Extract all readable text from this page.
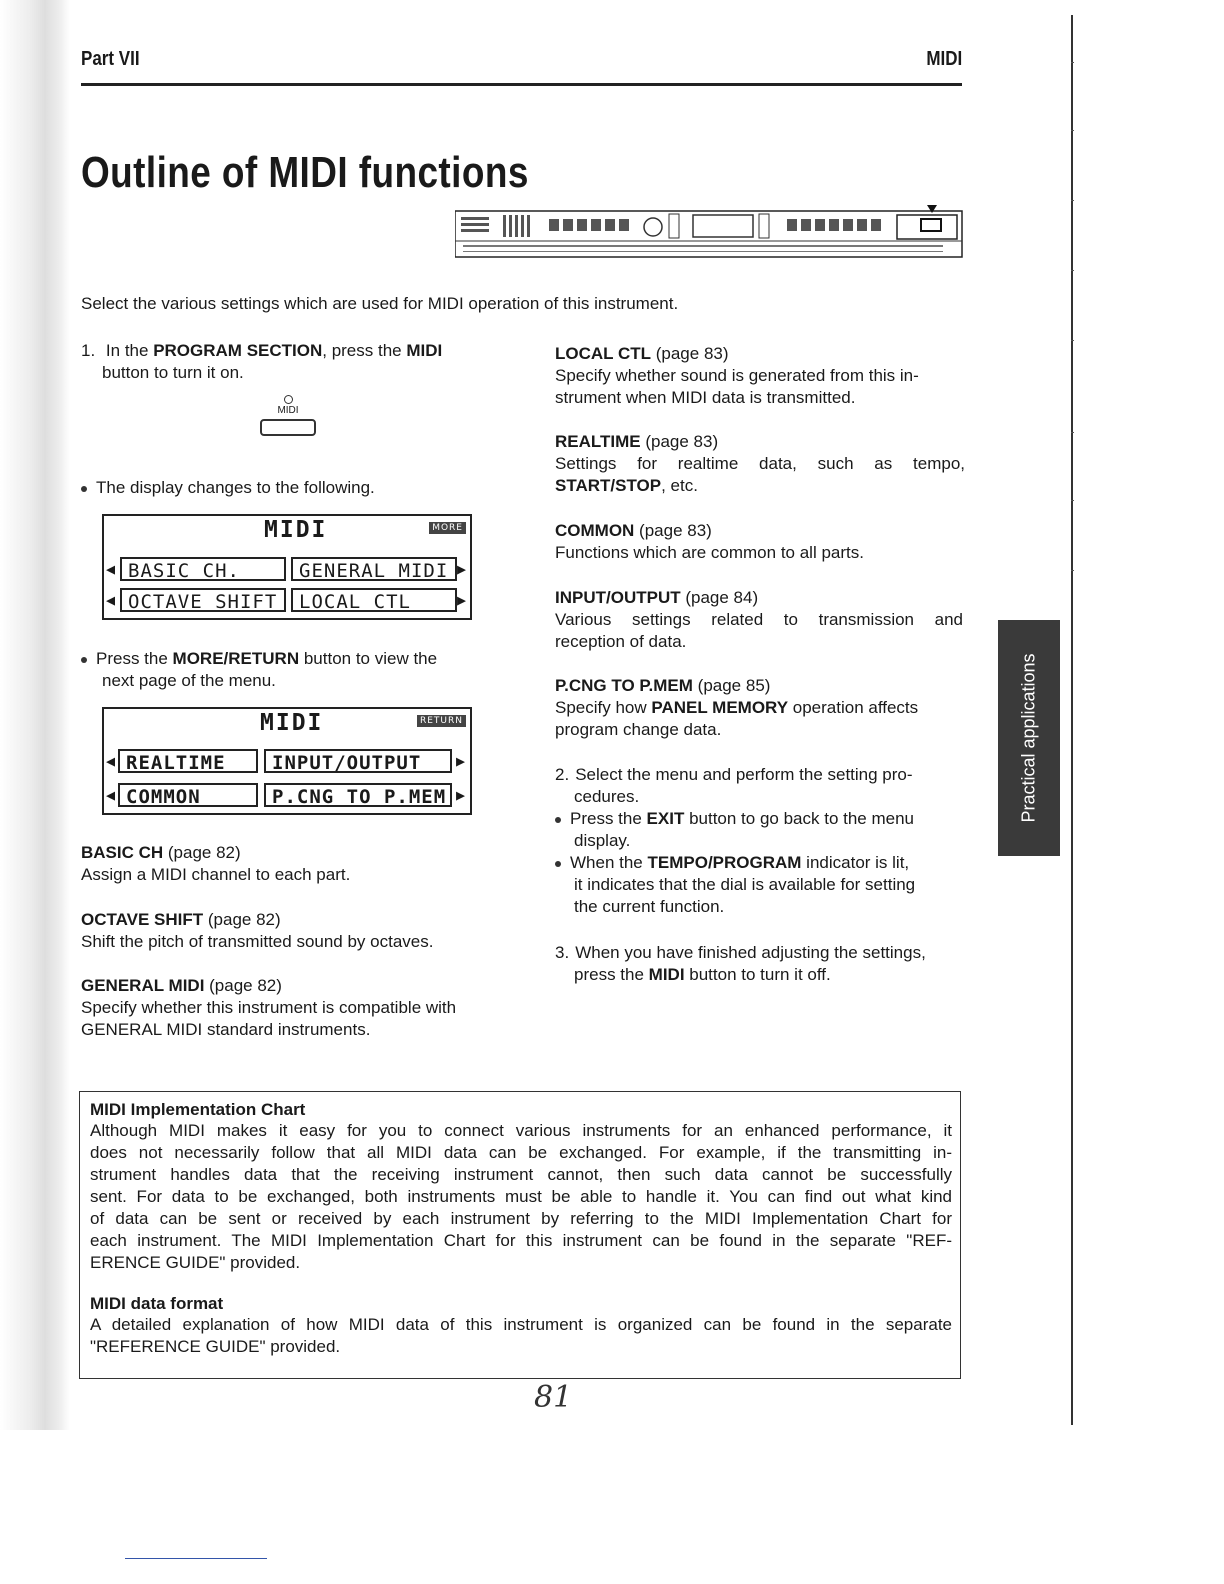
Part VII	MIDI
Outline of MIDI functions
Select the various settings which are used for MIDI operation of this instrument.
1. In the PROGRAM SECTION, press the MIDI
button to turn it on.
MIDI
The display changes to the following.
MIDI	MORE
◀ BASIC CH.	GENERAL MIDI ▶
◀ OCTAVE SHIFT	LOCAL CTL	▶
Press the MORE/RETURN button to view the
next page of the menu.
MIDI	RETURN
◀ REALTIME	INPUT/OUTPUT	▶
◀ COMMON	P.CNG TO P.MEM ▶
BASIC CH (page 82)
Assign a MIDI channel to each part.
OCTAVE SHIFT (page 82)
Shift the pitch of transmitted sound by octaves.
GENERAL MIDI (page 82)
Specify whether this instrument is compatible with
GENERAL MIDI standard instruments.
LOCAL CTL (page 83)
Specify whether sound is generated from this in-
strument when MIDI data is transmitted.
REALTIME (page 83)
Settings for realtime data, such as tempo,
START/STOP, etc.
COMMON (page 83)
Functions which are common to all parts.
INPUT/OUTPUT (page 84)
Various settings related to transmission and
reception of data.
P.CNG TO P.MEM (page 85)
Specify how PANEL MEMORY operation affects
program change data.
2. Select the menu and perform the setting pro-
cedures.
Press the EXIT button to go back to the menu
display.
When the TEMPO/PROGRAM indicator is lit,
it indicates that the dial is available for setting
the current function.
3. When you have finished adjusting the settings,
press the MIDI button to turn it off.
Practical applications
MIDI Implementation Chart

Although MIDI makes it easy for you to connect various instruments for an enhanced performance, it

does not necessarily follow that all MIDI data can be exchanged. For example, if the transmitting in-

strument handles data that the receiving instrument cannot, then such data cannot be successfully

sent. For data to be exchanged, both instruments must be able to handle it. You can find out what kind

of data can be sent or received by each instrument by referring to the MIDI Implementation Chart for

each instrument. The MIDI Implementation Chart for this instrument can be found in the separate "REF-

ERENCE GUIDE" provided.

MIDI data format

A detailed explanation of how MIDI data of this instrument is organized can be found in the separate

"REFERENCE GUIDE" provided.

81
